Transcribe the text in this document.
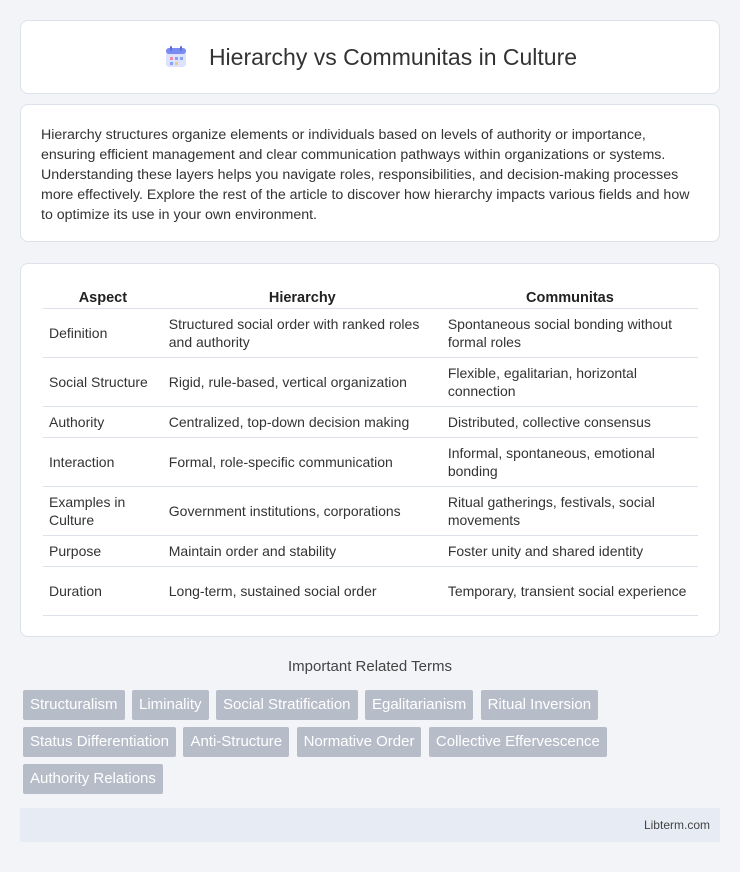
Hierarchy vs Communitas in Culture

Hierarchy structures organize elements or individuals based on levels of authority or importance, ensuring efficient management and clear communication pathways within organizations or systems. Understanding these layers helps you navigate roles, responsibilities, and decision-making processes more effectively. Explore the rest of the article to discover how hierarchy impacts various fields and how to optimize its use in your own environment.

Aspect	Hierarchy	Communitas
Definition	Structured social order with ranked roles and authority	Spontaneous social bonding without formal roles
Social Structure	Rigid, rule-based, vertical organization	Flexible, egalitarian, horizontal connection
Authority	Centralized, top-down decision making	Distributed, collective consensus
Interaction	Formal, role-specific communication	Informal, spontaneous, emotional bonding
Examples in Culture	Government institutions, corporations	Ritual gatherings, festivals, social movements
Purpose	Maintain order and stability	Foster unity and shared identity
Duration	Long-term, sustained social order	Temporary, transient social experience
Important Related Terms
Structuralism Liminality Social Stratification Egalitarianism Ritual Inversion Status Differentiation Anti-Structure Normative Order Collective Effervescence Authority Relations
Libterm.com
